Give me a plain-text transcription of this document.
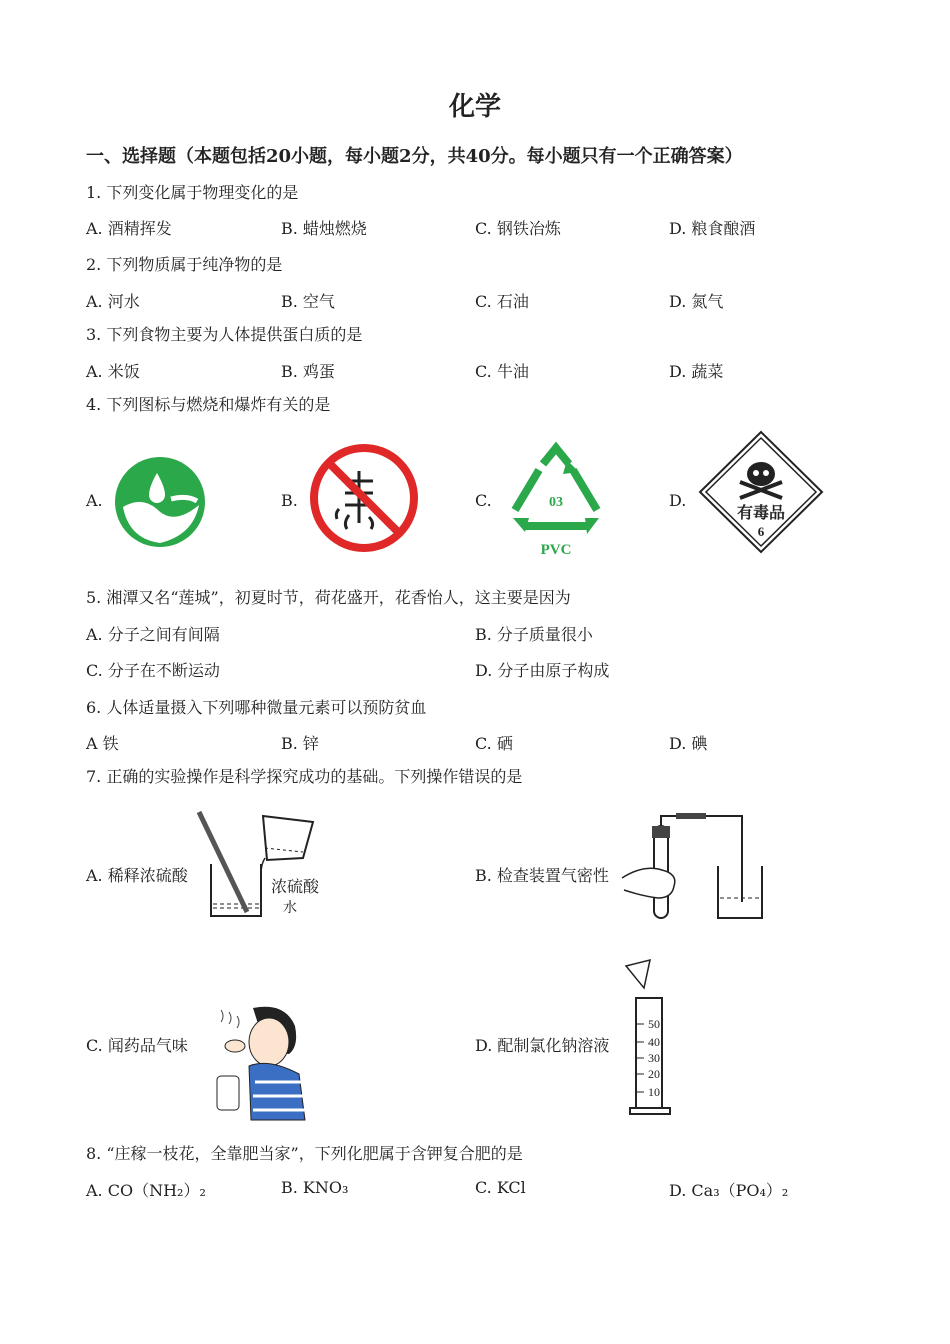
化学
一、选择题（本题包括20小题，每小题2分，共40分。每小题只有一个正确答案）
1. 下列变化属于物理变化的是
A. 酒精挥发	B. 蜡烛燃烧	C. 钢铁冶炼	D. 粮食酿酒
2. 下列物质属于纯净物的是
A. 河水	B. 空气	C. 石油	D. 氮气
3. 下列食物主要为人体提供蛋白质的是
A. 米饭	B. 鸡蛋	C. 牛油	D. 蔬菜
4. 下列图标与燃烧和爆炸有关的是
A.	B.	C.	D.
03
PVC
有毒品
6
5. 湘潭又名“莲城”，初夏时节，荷花盛开，花香怡人，这主要是因为
A. 分子之间有间隔	B. 分子质量很小
C. 分子在不断运动	D. 分子由原子构成
6. 人体适量摄入下列哪种微量元素可以预防贫血
A 铁	B. 锌	C. 硒	D. 碘
7. 正确的实验操作是科学探究成功的基础。下列操作错误的是
A. 稀释浓硫酸	B. 检查装置气密性
C. 闻药品气味	D. 配制氯化钠溶液
浓硫酸
水
50
40
30
20
10
8. “庄稼一枝花，全靠肥当家”，下列化肥属于含钾复合肥的是
A. CO（NH₂）₂	B. KNO₃	C. KCl	D. Ca₃（PO₄）₂
